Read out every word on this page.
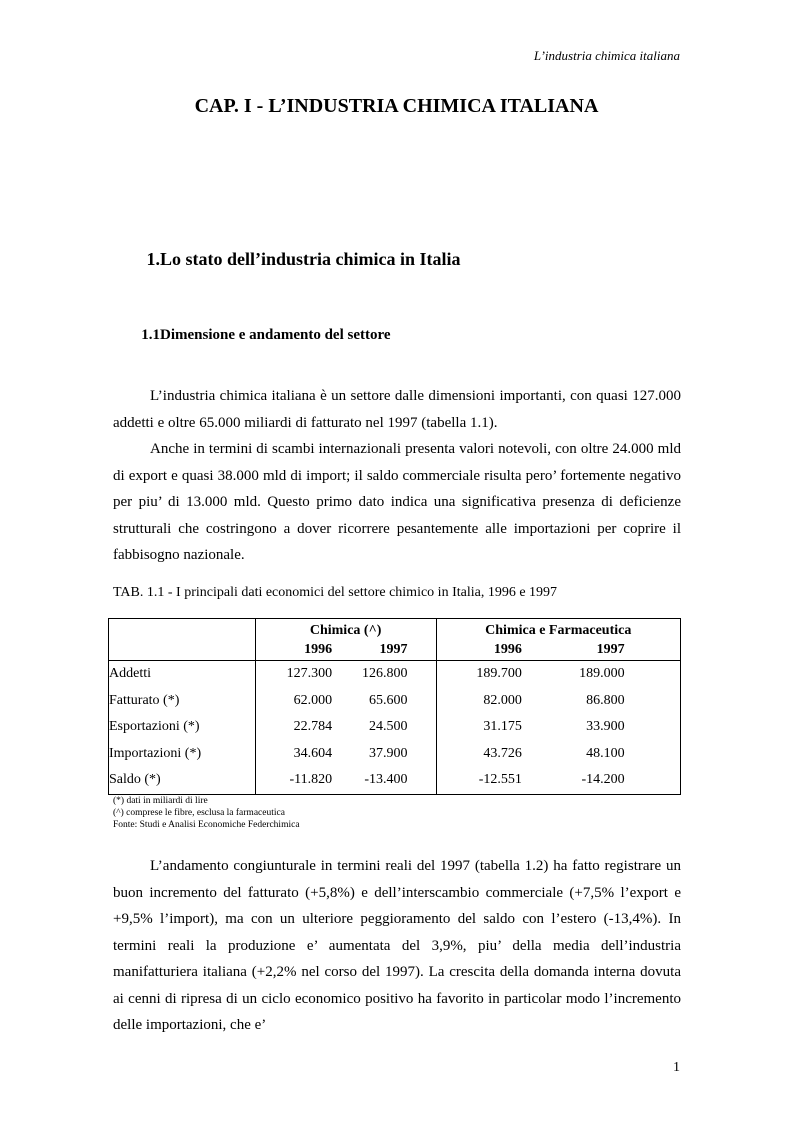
L’industria chimica italiana
CAP. I - L’INDUSTRIA CHIMICA ITALIANA
1.Lo stato dell’industria chimica in Italia
1.1Dimensione e andamento del settore

L’industria chimica italiana è un settore dalle dimensioni importanti, con quasi 127.000 addetti e oltre 65.000 miliardi di fatturato nel 1997 (tabella 1.1).

Anche in termini di scambi internazionali presenta valori notevoli, con oltre 24.000 mld di export e quasi 38.000 mld di import; il saldo commerciale risulta pero’ fortemente negativo per piu’ di 13.000 mld. Questo primo dato indica una significativa presenza di deficienze strutturali che costringono a dover ricorrere pesantemente alle importazioni per coprire il fabbisogno nazionale.

TAB. 1.1 - I principali dati economici del settore chimico in Italia, 1996 e 1997

	Chimica (^)		Chimica e Farmaceutica		
	1996	1997	1996	1997	
Addetti	127.300	126.800	189.700	189.000	
Fatturato (*)	62.000	65.600	82.000	86.800	
Esportazioni (*)	22.784	24.500	31.175	33.900	
Importazioni (*)	34.604	37.900	43.726	48.100	
Saldo (*)	-11.820	-13.400	-12.551	-14.200	
(*) dati in miliardi di lire
(^) comprese le fibre, esclusa la farmaceutica
Fonte: Studi e Analisi Economiche Federchimica

L’andamento congiunturale in termini reali del 1997 (tabella 1.2) ha fatto registrare un buon incremento del fatturato (+5,8%) e dell’interscambio commerciale (+7,5% l’export e +9,5% l’import), ma con un ulteriore peggioramento del saldo con l’estero (-13,4%). In termini reali la produzione e’ aumentata del 3,9%, piu’ della media dell’industria manifatturiera italiana (+2,2% nel corso del 1997). La crescita della domanda interna dovuta ai cenni di ripresa di un ciclo economico positivo ha favorito in particolar modo l’incremento delle importazioni, che e’

1
